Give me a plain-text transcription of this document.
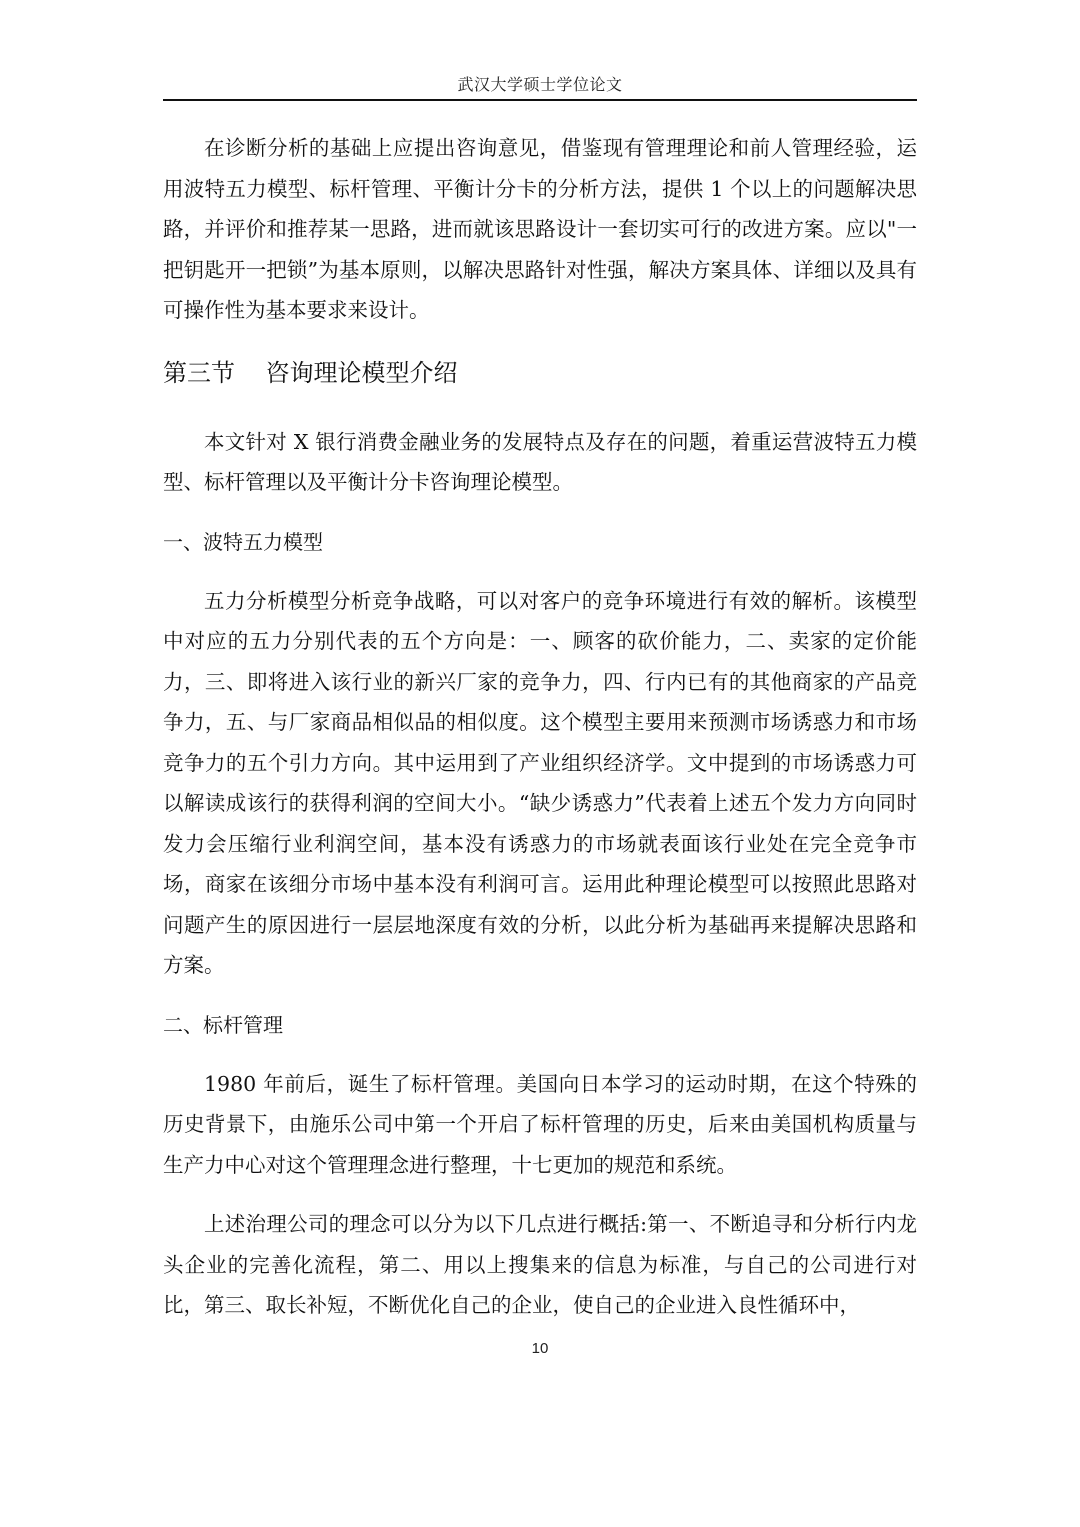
武汉大学硕士学位论文

在诊断分析的基础上应提出咨询意见，借鉴现有管理理论和前人管理经验，运用波特五力模型、标杆管理、平衡计分卡的分析方法，提供 1 个以上的问题解决思路，并评价和推荐某一思路，进而就该思路设计一套切实可行的改进方案。应以"一把钥匙开一把锁”为基本原则，以解决思路针对性强，解决方案具体、详细以及具有可操作性为基本要求来设计。

第三节    咨询理论模型介绍

本文针对 X 银行消费金融业务的发展特点及存在的问题，着重运营波特五力模型、标杆管理以及平衡计分卡咨询理论模型。

一、波特五力模型

五力分析模型分析竞争战略，可以对客户的竞争环境进行有效的解析。该模型中对应的五力分别代表的五个方向是：一、顾客的砍价能力，二、卖家的定价能力，三、即将进入该行业的新兴厂家的竞争力，四、行内已有的其他商家的产品竞争力，五、与厂家商品相似品的相似度。这个模型主要用来预测市场诱惑力和市场竞争力的五个引力方向。其中运用到了产业组织经济学。文中提到的市场诱惑力可以解读成该行的获得利润的空间大小。“缺少诱惑力”代表着上述五个发力方向同时发力会压缩行业利润空间，基本没有诱惑力的市场就表面该行业处在完全竞争市场，商家在该细分市场中基本没有利润可言。运用此种理论模型可以按照此思路对问题产生的原因进行一层层地深度有效的分析，以此分析为基础再来提解决思路和方案。

二、标杆管理

1980 年前后，诞生了标杆管理。美国向日本学习的运动时期，在这个特殊的历史背景下，由施乐公司中第一个开启了标杆管理的历史，后来由美国机构质量与生产力中心对这个管理理念进行整理，十七更加的规范和系统。

上述治理公司的理念可以分为以下几点进行概括:第一、不断追寻和分析行内龙头企业的完善化流程，第二、用以上搜集来的信息为标准，与自己的公司进行对比，第三、取长补短，不断优化自己的企业，使自己的企业进入良性循环中，

10
